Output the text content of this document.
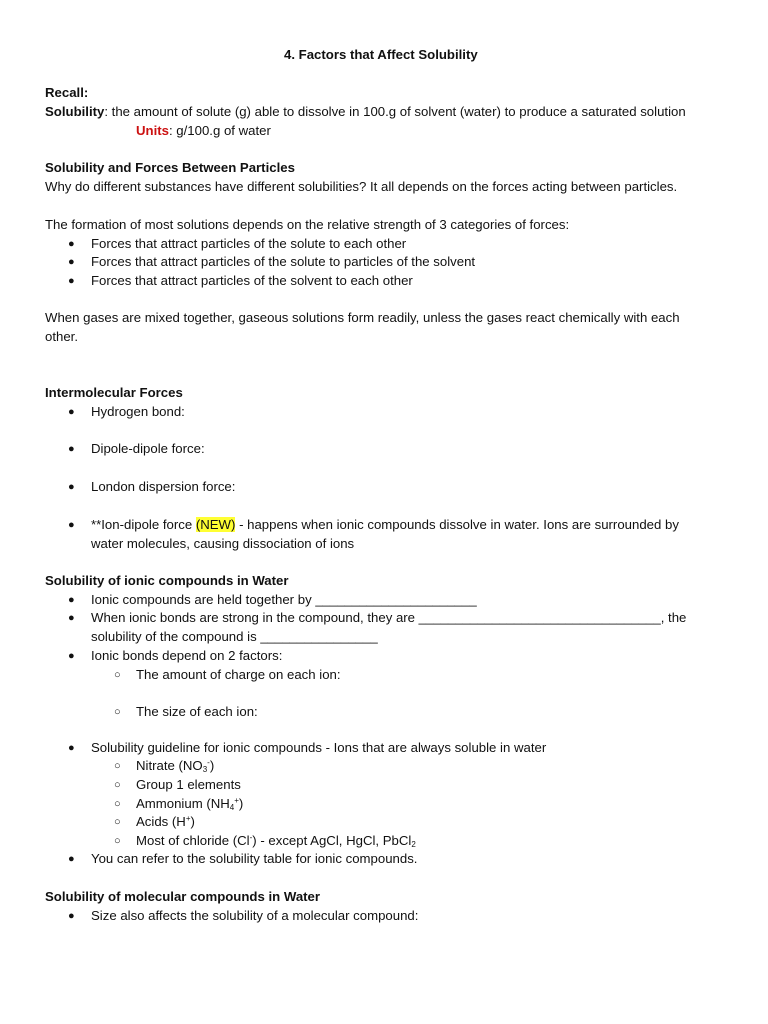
4. Factors that Affect Solubility
Recall:
Solubility: the amount of solute (g) able to dissolve in 100.g of solvent (water) to produce a saturated solution
Units: g/100.g of water
Solubility and Forces Between Particles
Why do different substances have different solubilities? It all depends on the forces acting between particles.
The formation of most solutions depends on the relative strength of 3 categories of forces:
● Forces that attract particles of the solute to each other
● Forces that attract particles of the solute to particles of the solvent
● Forces that attract particles of the solvent to each other
When gases are mixed together, gaseous solutions form readily, unless the gases react chemically with each
other.
Intermolecular Forces
● Hydrogen bond:
● Dipole-dipole force:
● London dispersion force:
● **Ion-dipole force (NEW) - happens when ionic compounds dissolve in water. Ions are surrounded by
water molecules, causing dissociation of ions
Solubility of ionic compounds in Water
● Ionic compounds are held together by ______________________
● When ionic bonds are strong in the compound, they are _________________________________, the
solubility of the compound is ________________
● Ionic bonds depend on 2 factors:
○ The amount of charge on each ion:
○ The size of each ion:
● Solubility guideline for ionic compounds - Ions that are always soluble in water
○ Nitrate $(NO_3^-)$
○ Group 1 elements
○ Ammonium $(NH_4^+)$
○ Acids (H+)
○ Most of chloride (Cl-) - except AgCl, HgCl, PbCl$_2$
● You can refer to the solubility table for ionic compounds.
Solubility of molecular compounds in Water
● Size also affects the solubility of a molecular compound:
